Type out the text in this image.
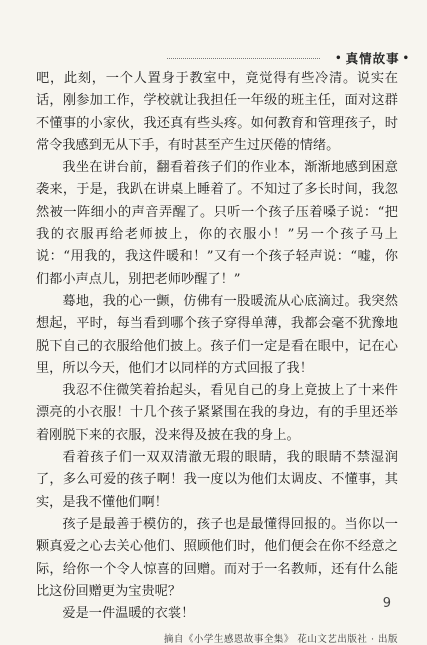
• 真情故事 •

吧，此刻，一个人置身于教室中，竟觉得有些冷清。说实在话，刚参加工作，学校就让我担任一年级的班主任，面对这群不懂事的小家伙，我还真有些头疼。如何教育和管理孩子，时常令我感到无从下手，有时甚至产生过厌倦的情绪。

我坐在讲台前，翻看着孩子们的作业本，渐渐地感到困意袭来，于是，我趴在讲桌上睡着了。不知过了多长时间，我忽然被一阵细小的声音弄醒了。只听一个孩子压着嗓子说：“把我的衣服再给老师披上，你的衣服小！”另一个孩子马上说：“用我的，我这件暖和！”又有一个孩子轻声说：“嘘，你们都小声点儿，别把老师吵醒了！”

蓦地，我的心一颤，仿佛有一股暖流从心底滴过。我突然想起，平时，每当看到哪个孩子穿得单薄，我都会毫不犹豫地脱下自己的衣服给他们披上。孩子们一定是看在眼中，记在心里，所以今天，他们才以同样的方式回报了我！

我忍不住微笑着抬起头，看见自己的身上竟披上了十来件漂亮的小衣服！十几个孩子紧紧围在我的身边，有的手里还举着刚脱下来的衣服，没来得及披在我的身上。

看着孩子们一双双清澈无瑕的眼睛，我的眼睛不禁湿润了，多么可爱的孩子啊！我一度以为他们太调皮、不懂事，其实，是我不懂他们啊！

孩子是最善于模仿的，孩子也是最懂得回报的。当你以一颗真爱之心去关心他们、照顾他们时，他们便会在你不经意之际，给你一个令人惊喜的回赠。而对于一名教师，还有什么能比这份回赠更为宝贵呢？

爱是一件温暖的衣裳！

摘自《小学生感恩故事全集》 花山文艺出版社 · 出版

9
